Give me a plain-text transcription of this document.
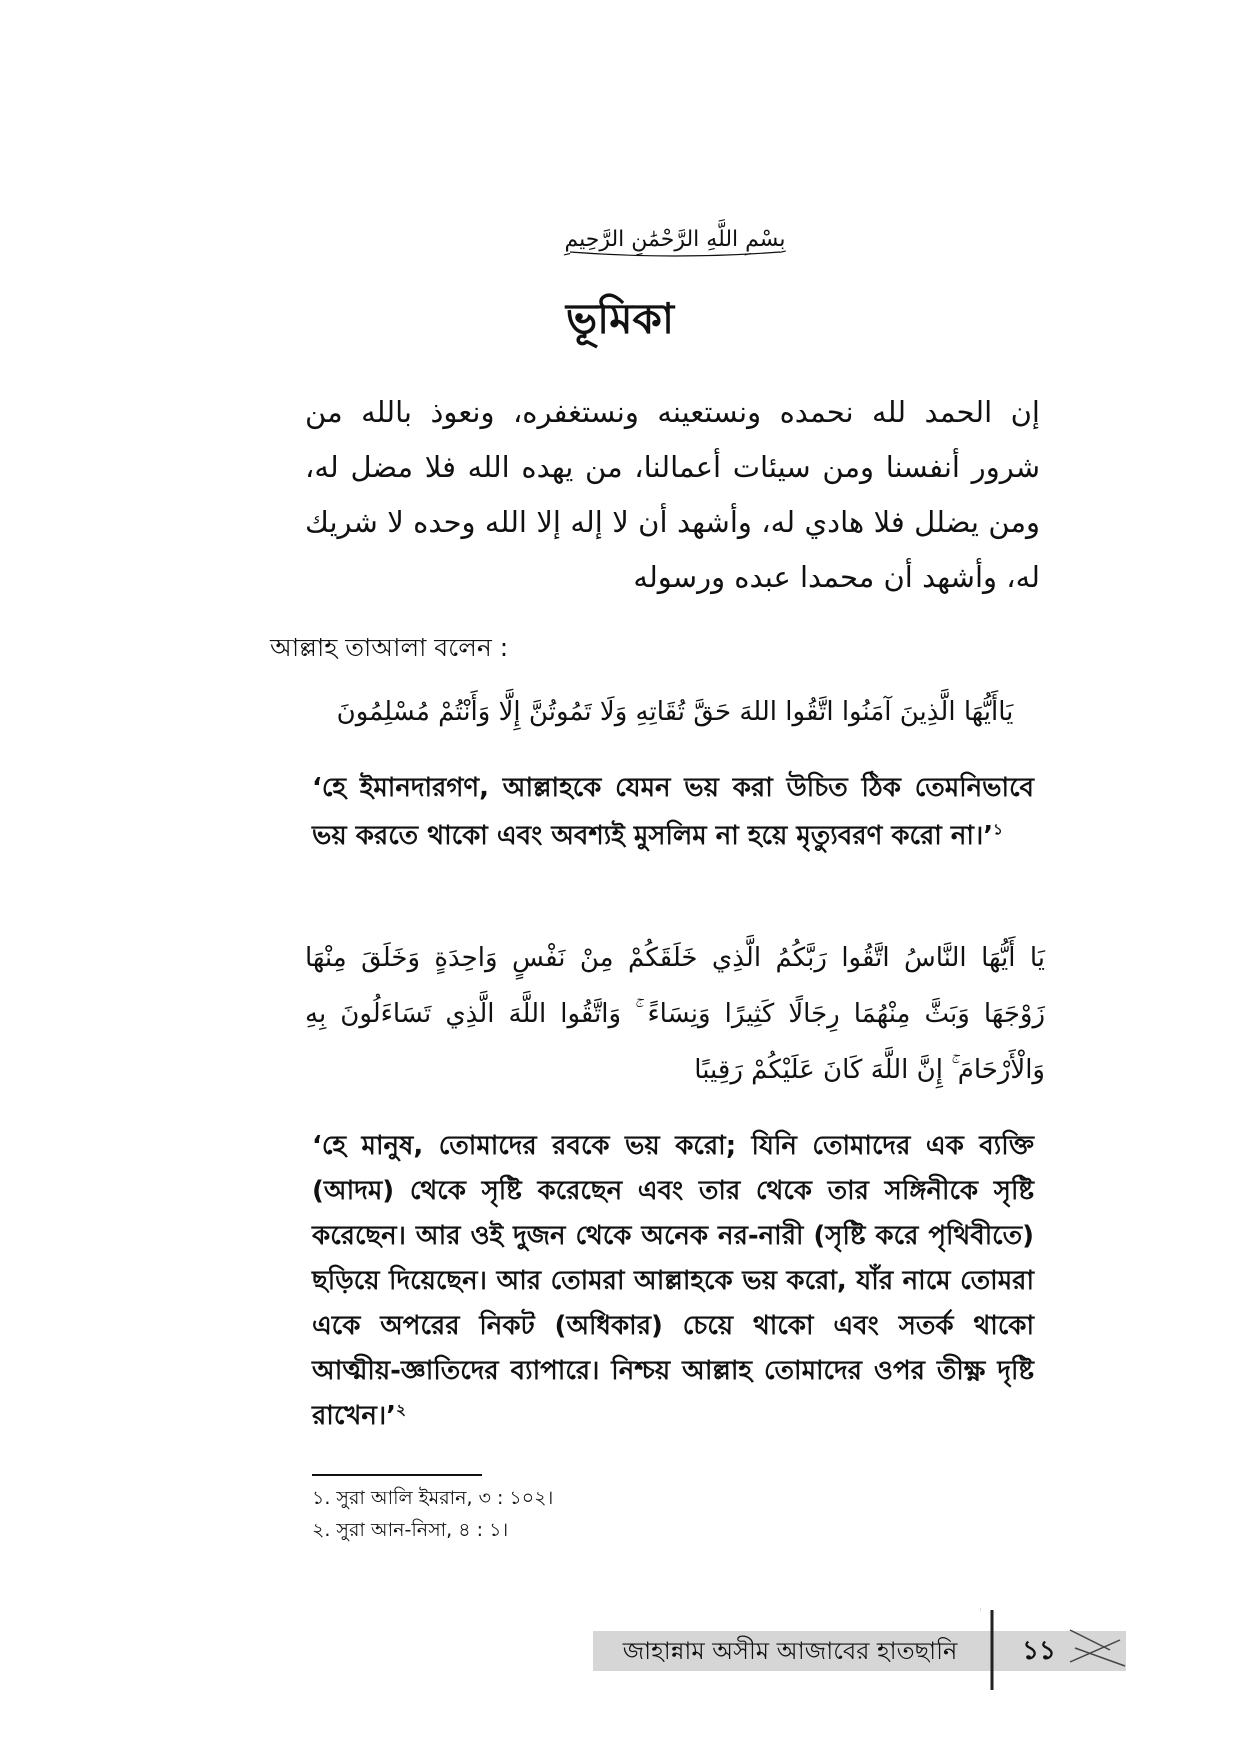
بِسْمِ اللَّهِ الرَّحْمَٰنِ الرَّحِيمِ
ভূমিকা

إن الحمد لله نحمده ونستعينه ونستغفره، ونعوذ بالله من شرور أنفسنا ومن سيئات أعمالنا، من يهده الله فلا مضل له، ومن يضلل فلا هادي له، وأشهد أن لا إله إلا الله وحده لا شريك له، وأشهد أن محمدا عبده ورسوله

আল্লাহ তাআলা বলেন :

يَاأَيُّهَا الَّذِينَ آمَنُوا اتَّقُوا اللهَ حَقَّ تُقَاتِهِ وَلَا تَمُوتُنَّ إِلَّا وَأَنْتُمْ مُسْلِمُونَ

‘হে ইমানদারগণ, আল্লাহকে যেমন ভয় করা উচিত ঠিক তেমনিভাবে ভয় করতে থাকো এবং অবশ্যই মুসলিম না হয়ে মৃত্যুবরণ করো না।’$^১$

يَا أَيُّهَا النَّاسُ اتَّقُوا رَبَّكُمُ الَّذِي خَلَقَكُمْ مِنْ نَفْسٍ وَاحِدَةٍ وَخَلَقَ مِنْهَا زَوْجَهَا وَبَثَّ مِنْهُمَا رِجَالًا كَثِيرًا وَنِسَاءً ۚ وَاتَّقُوا اللَّهَ الَّذِي تَسَاءَلُونَ بِهِ وَالْأَرْحَامَ ۚ إِنَّ اللَّهَ كَانَ عَلَيْكُمْ رَقِيبًا

‘হে মানুষ, তোমাদের রবকে ভয় করো; যিনি তোমাদের এক ব্যক্তি (আদম) থেকে সৃষ্টি করেছেন এবং তার থেকে তার সঙ্গিনীকে সৃষ্টি করেছেন। আর ওই দুজন থেকে অনেক নর-নারী (সৃষ্টি করে পৃথিবীতে) ছড়িয়ে দিয়েছেন। আর তোমরা আল্লাহকে ভয় করো, যাঁর নামে তোমরা একে অপরের নিকট (অধিকার) চেয়ে থাকো এবং সতর্ক থাকো আত্মীয়-জ্ঞাতিদের ব্যাপারে। নিশ্চয় আল্লাহ তোমাদের ওপর তীক্ষ্ণ দৃষ্টি রাখেন।’$^২$

১. সুরা আলি ইমরান, ৩ : ১০২।
২. সুরা আন-নিসা, ৪ : ১।
জাহান্নাম অসীম আজাবের হাতছানি	১১
